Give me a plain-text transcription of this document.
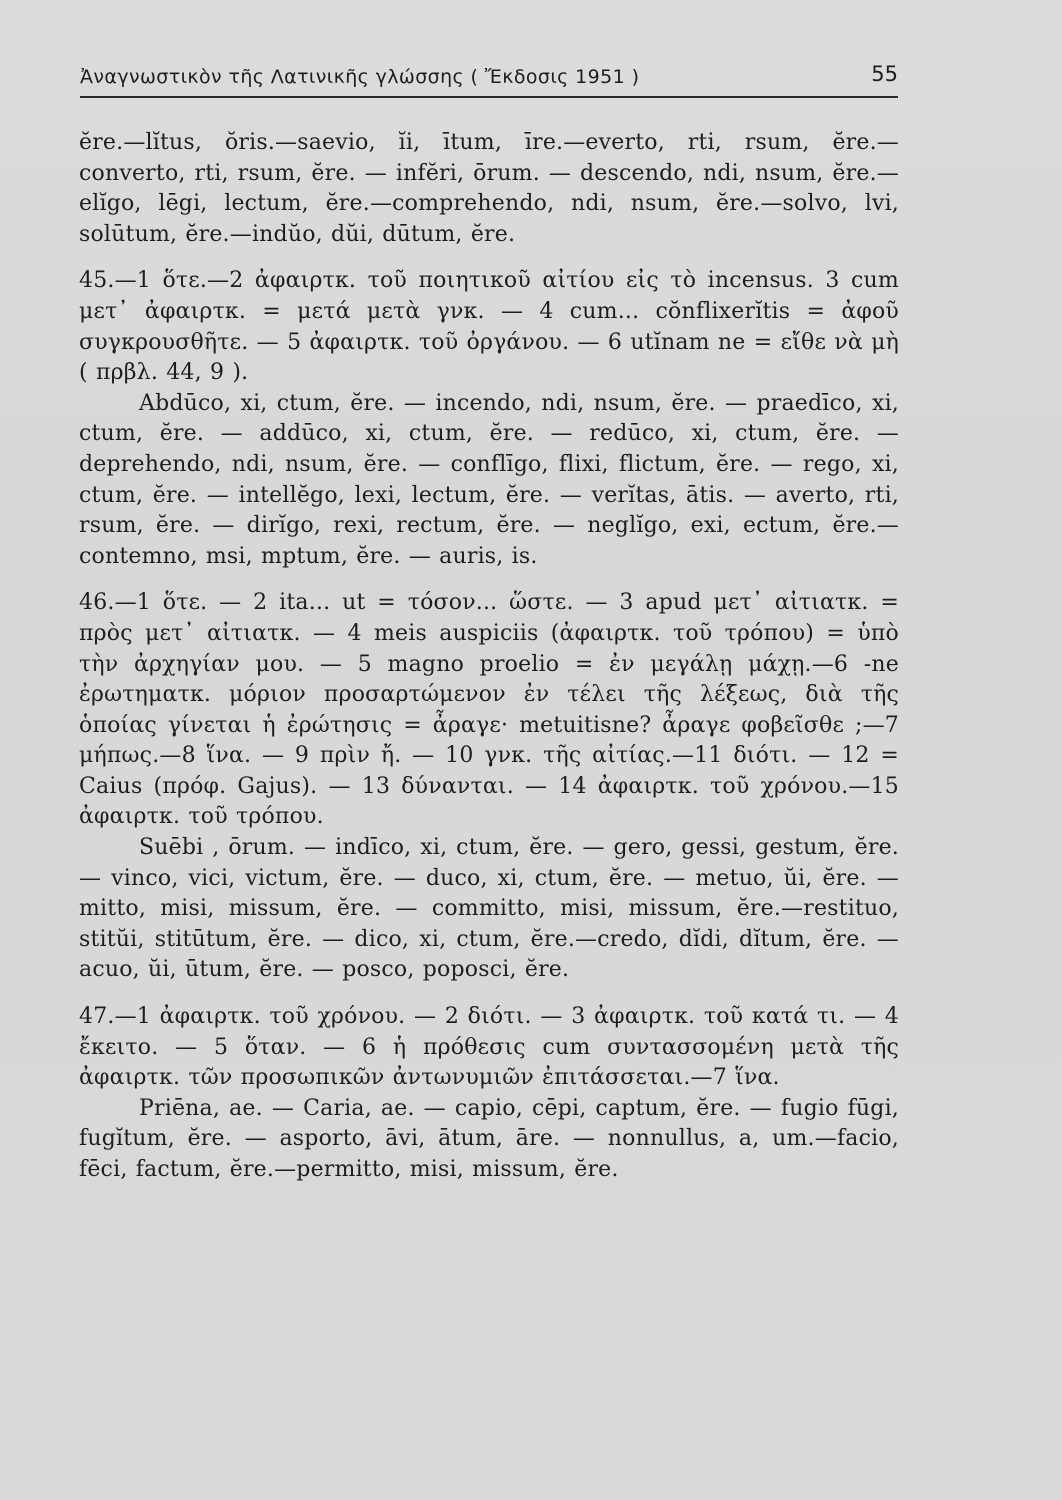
Ἀναγνωστικὸν τῆς Λατινικῆς γλώσσης ( Ἔκδοσις 1951 )	55

ĕre.—lĭtus, ŏris.—saevio, ĭi, ītum, īre.—everto, rti, rsum, ĕre.—converto, rti, rsum, ĕre. — infĕri, ōrum. — descendo, ndi, nsum, ĕre.—elĭgo, lēgi, lectum, ĕre.—comprehendo, ndi, nsum, ĕre.—solvo, lvi, solūtum, ĕre.—indŭo, dŭi, dūtum, ĕre.

45.—1 ὅτε.—2 ἀφαιρτκ. τοῦ ποιητικοῦ αἰτίου εἰς τὸ incensus. 3 cum μετ᾽ ἀφαιρτκ. = μετά μετὰ γνκ. — 4 cum... cŏnflixerĭtis = ἀφοῦ συγκρουσθῆτε. — 5 ἀφαιρτκ. τοῦ ὀργάνου. — 6 utĭnam ne = εἴθε νὰ μὴ ( πρβλ. 44, 9 ).

Abdūco, xi, ctum, ĕre. — incendo, ndi, nsum, ĕre. — praedīco, xi, ctum, ĕre. — addūco, xi, ctum, ĕre. — redūco, xi, ctum, ĕre. — deprehendo, ndi, nsum, ĕre. — conflīgo, flixi, flictum, ĕre. — rego, xi, ctum, ĕre. — intellĕgo, lexi, lectum, ĕre. — verĭtas, ātis. — averto, rti, rsum, ĕre. — dirĭgo, rexi, rectum, ĕre. — neglĭgo, exi, ectum, ĕre.—contemno, msi, mptum, ĕre. — auris, is.

46.—1 ὅτε. — 2 ita... ut = τόσον... ὥστε. — 3 apud μετ᾽ αἰτιατκ. = πρὸς μετ᾽ αἰτιατκ. — 4 meis auspiciis (ἀφαιρτκ. τοῦ τρόπου) = ὑπὸ τὴν ἀρχηγίαν μου. — 5 magno proelio = ἐν μεγάλῃ μάχῃ.—6 -ne ἐρωτηματκ. μόριον προσαρτώμενον ἐν τέλει τῆς λέξεως, διὰ τῆς ὁποίας γίνεται ἡ ἐρώτησις = ἆραγε· metuitisne? ἆραγε φοβεῖσθε ;—7 μήπως.—8 ἵνα. — 9 πρὶν ἤ. — 10 γνκ. τῆς αἰτίας.—11 διότι. — 12 = Caius (πρόφ. Gajus). — 13 δύνανται. — 14 ἀφαιρτκ. τοῦ χρόνου.—15 ἀφαιρτκ. τοῦ τρόπου.

Suēbi , ōrum. — indīco, xi, ctum, ĕre. — gero, gessi, gestum, ĕre. — vinco, vici, victum, ĕre. — duco, xi, ctum, ĕre. — metuo, ŭi, ĕre. — mitto, misi, missum, ĕre. — committo, misi, missum, ĕre.—restituo, stitŭi, stitūtum, ĕre. — dico, xi, ctum, ĕre.—credo, dĭdi, dĭtum, ĕre. — acuo, ŭi, ūtum, ĕre. — posco, poposci, ĕre.

47.—1 ἀφαιρτκ. τοῦ χρόνου. — 2 διότι. — 3 ἀφαιρτκ. τοῦ κατά τι. — 4 ἔκειτο. — 5 ὅταν. — 6 ἡ πρόθεσις cum συντασσομένη μετὰ τῆς ἀφαιρτκ. τῶν προσωπικῶν ἀντωνυμιῶν ἐπιτάσσεται.—7 ἵνα.

Priēna, ae. — Caria, ae. — capio, cēpi, captum, ĕre. — fugio fūgi, fugĭtum, ĕre. — asporto, āvi, ātum, āre. — nonnullus, a, um.—facio, fēci, factum, ĕre.—permitto, misi, missum, ĕre.
